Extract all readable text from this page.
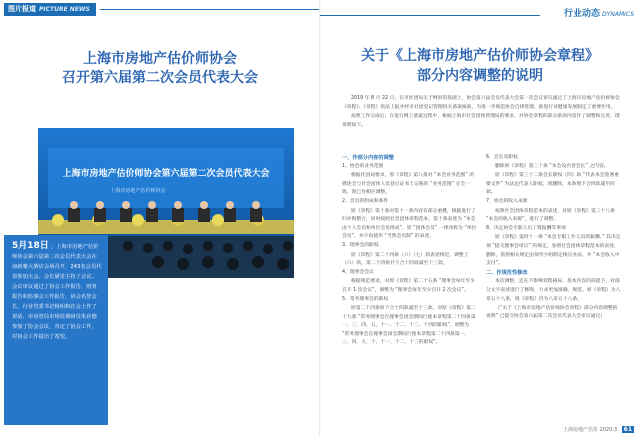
图片报道 PICTURE NEWS
上海市房地产估价师协会
召开第六届第二次会员代表大会
上海市房地产估价师协会第六届第二次会员代表大会
上海市房地产估价师协会
5月18日 ，上海市房地产估价师协会第六届第二次会员代表大会在南新雅大酒店会场召开，243名会员代表参加大会。会长屠觉主持了会议。会议审议通过了协会工作报告、财务报告和监事会工作报告，协会名誉会长、行业党委书记杨相和在会上作了讲话，市房管局市场处调研员朱存德参加了协会会议，肯定了协会工作，对协会工作提出了希望。
行业动态 DYNAMICS
关于《上海市房地产估价师协会章程》
部分内容调整的说明

2019 年 8 月 22 日，在市社团局关于网审的基础上，协会第六届会员代表大会第一次会议审议通过了上海市房地产估价师协会《章程》。《章程》依法上报并经市社团登记管理机关备案核准，为进一步规范协会自律管理，推进行业健康发展制定了重要作用。

按照工作完成后，在进行网上备案过程中，根据上海市社会团体管理局的要求，对协会章程的部分条款内容作了调整和完善，现说明如下。

一、作部分内容的调整

1、协会的业务范围

根据社团局要求，原《章程》第八条对 “本会业务范围” 的描述全与社会团体人员登记证书上记载的 “业务范围” 完全一致，现已作相应调整。

2、会员的组成和条件

原《章程》第十条对第十一条内容有部分重叠，根据进行了归并和整合，同时按照社会团体章程范本，第十条表述为 “本会由个人会员和单位会员组成”，原 “团体会员” 一律改称为 “单位会员”，并不再使用 “当然会员制” 的表述。

3、理事会的职权

原《章程》第二十四条（六）（七）款表述相近，调整了（六）款，第二十四条共下合十四款减至十三款。

4、理事会会议

根据规范要求，对原《章程》第二十五条 “理事会每年至少召开 1 次会议”，调整为 “理事会每年至少召开 2 次会议”。

5、常务理事会的职权

原第二十四条原下合十四款减至十三款，对原《章程》第二十九条 “常务理事会在理事会闭会期间行使本章程第二十四条第一、三、四、五、十一、十二、十三、十四的职权”，调整为 “常务理事会在理事会闭会期间行使本章程第二十四条第一、三、四、九、十、十一、十二、十三的职权”。

6、会长及职权

删除原《章程》第三十条 “本会设名誉会长” 之内容。

原《章程》第三十二条会长职权（四）款 “代表本会签署重要文件” 为法定代表人职权，现删除，本条增下合四款减至四款。

7、协会的收入来源

按照社会团体章程范本的表述，对原《章程》第三十八条 “本会的收入来源”，进行了调整。

8、决定协会专职人员工资报酬等事项

原《章程》第四十一条 “本会专职工作人员的薪酬，” 其决定须 “提交理事会审议” 的规定，参照社会团体章程范本的表述，删除，依照相关规定由领导小组制定相应办法，并 “本会收入中支付”。

二、作规范性修改

本次调整，还在不影响章程格局、基本内容的前提下，对部分文字表述进行了修饰，力求更加准确、规范。原《章程》为八章五十八条，现《章程》仍为八章五十八条。

（“关于《上海市房地产估价师协会章程》部分内容调整的说明” 已提交协会第六届第二次会员代表大会审议通过）

上海房地产估价 2020.3 61
